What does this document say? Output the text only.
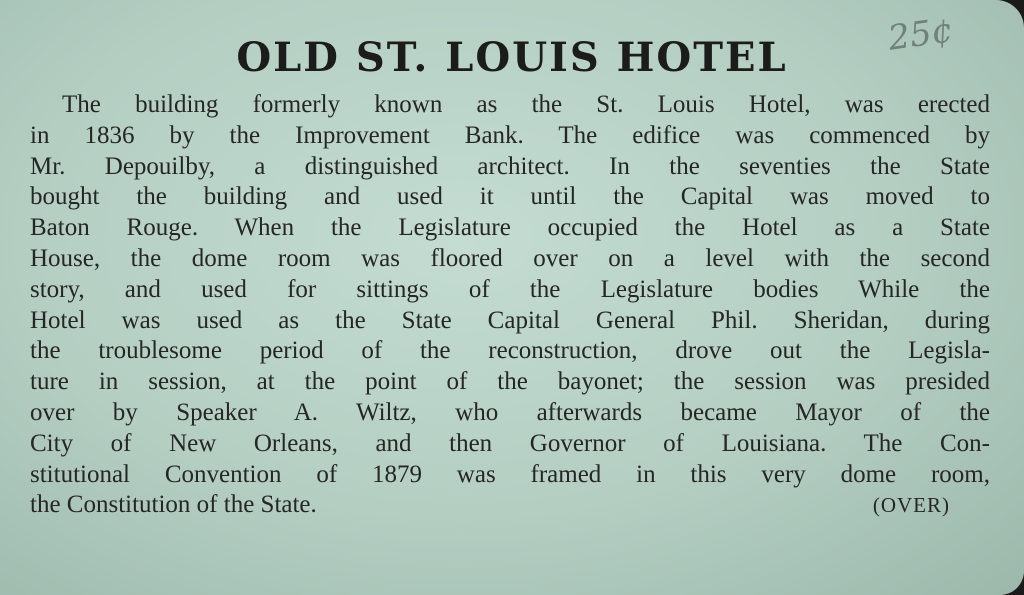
OLD ST. LOUIS HOTEL	25¢
The building formerly known as the St. Louis Hotel, was erected
in 1836 by the Improvement Bank. The edifice was commenced by
Mr. Depouilby, a distinguished architect. In the seventies the State
bought the building and used it until the Capital was moved to
Baton Rouge. When the Legislature occupied the Hotel as a State
House, the dome room was floored over on a level with the second
story, and used for sittings of the Legislature bodies While the
Hotel was used as the State Capital General Phil. Sheridan, during
the troublesome period of the reconstruction, drove out the Legisla-
ture in session, at the point of the bayonet; the session was presided
over by Speaker A. Wiltz, who afterwards became Mayor of the
City of New Orleans, and then Governor of Louisiana. The Con-
stitutional Convention of 1879 was framed in this very dome room,
the Constitution of the State.	(OVER)
